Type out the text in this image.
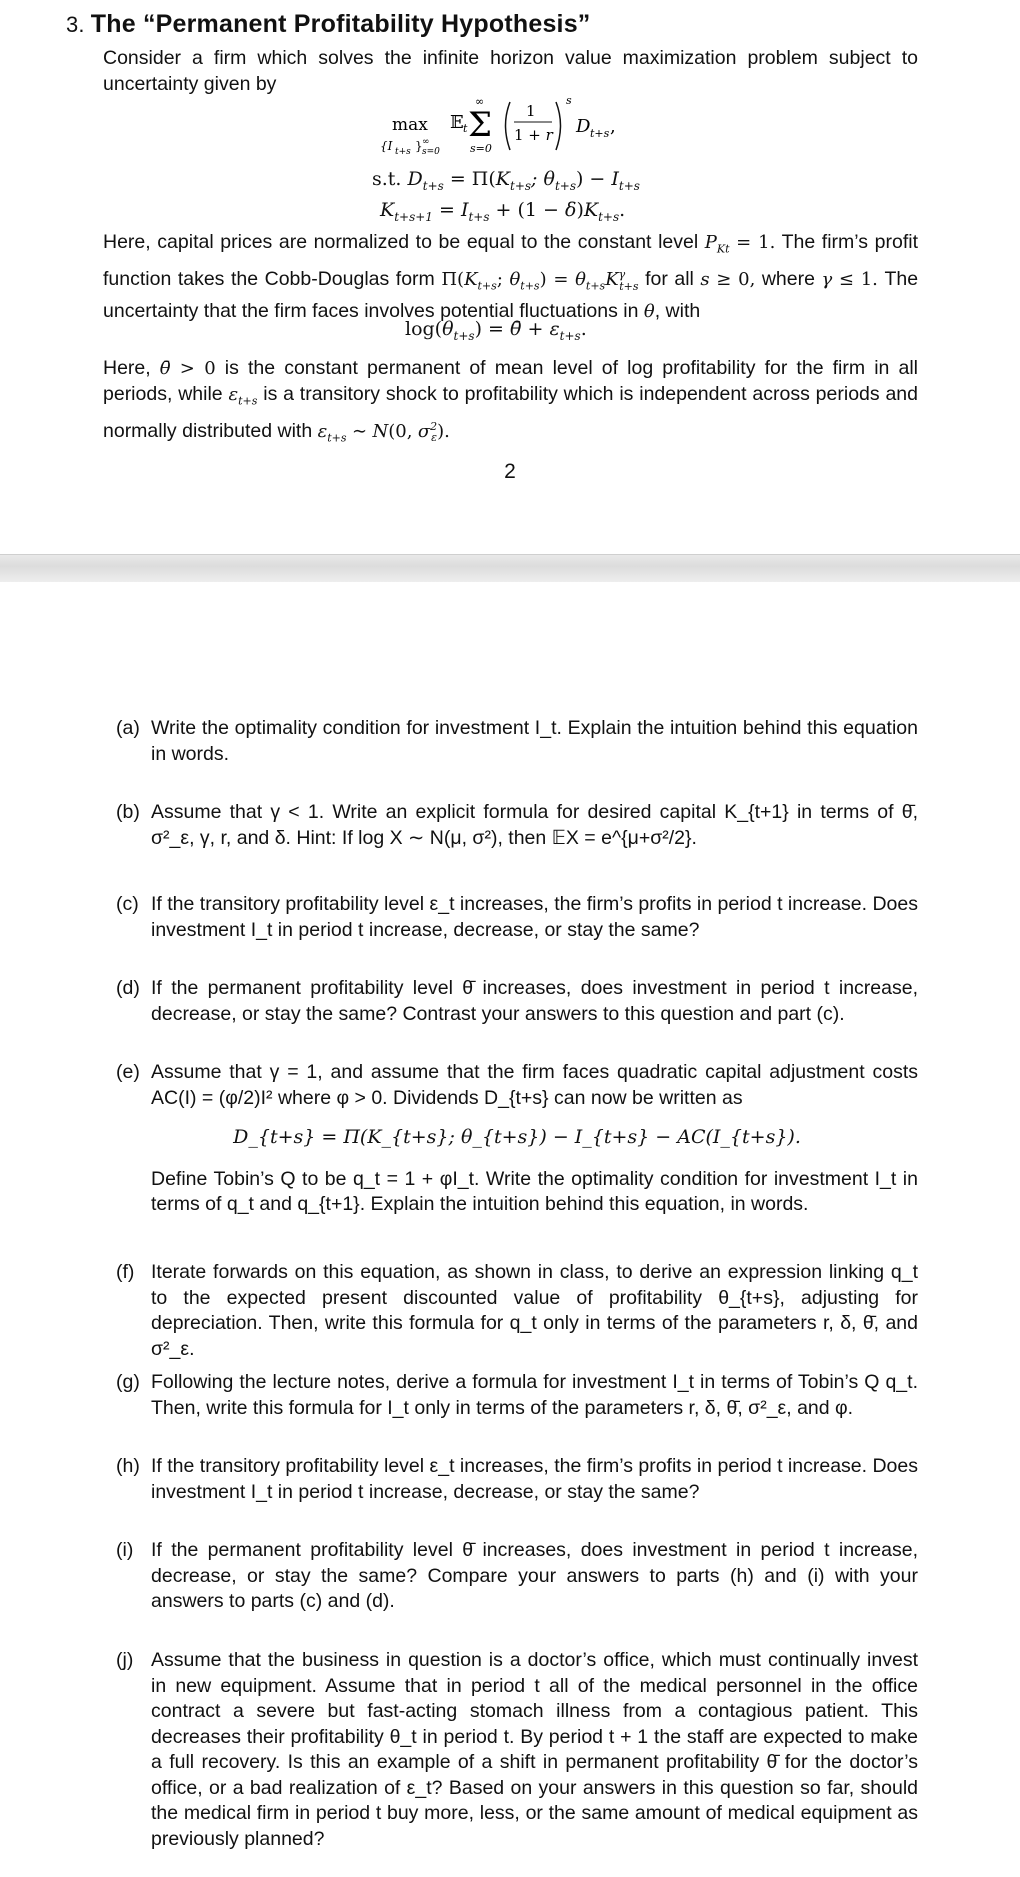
3. The “Permanent Profitability Hypothesis”
Consider a firm which solves the infinite horizon value maximization problem subject to uncertainty given by
max
{I t+s } ∞
s=0
𝔼 t Σ
∞
s=0
1
1 + r
s
D t+s ,
s.t. $D_{t+s} = \Pi(K_{t+s}$; $\theta_{t+s}) - I_{t+s}$
$K_{t+s+1} = I_{t+s} + (1 - \delta)K_{t+s}$.
Here, capital prices are normalized to be equal to the constant level $P_{Kt} = 1$. The firm’s profit function takes the Cobb-Douglas form $\Pi(K_{t+s}$; $\theta_{t+s}) = \theta_{t+s}K^\gamma_{t+s}$ for all s ≥ 0, where γ ≤ 1. The uncertainty that the firm faces involves potential fluctuations in θ, with
$\log(\theta_{t+s})$ = θ̄ + $\varepsilon_{t+s}$.
Here, θ̄ > 0 is the constant permanent of mean level of log profitability for the firm in all periods, while $\varepsilon_{t+s}$ is a transitory shock to profitability which is independent across periods and normally distributed with $\varepsilon_{t+s}$ ∼ N(0, $\sigma^2_\varepsilon$).
2
(a) Write the optimality condition for investment I_t. Explain the intuition behind this equation in words.
(b) Assume that γ < 1. Write an explicit formula for desired capital K_{t+1} in terms of θ̄, σ²_ε, γ, r, and δ. Hint: If log X ∼ N(μ, σ²), then 𝔼X = e^{μ+σ²/2}.
(c) If the transitory profitability level ε_t increases, the firm’s profits in period t increase. Does investment I_t in period t increase, decrease, or stay the same?
(d) If the permanent profitability level θ̄ increases, does investment in period t increase, decrease, or stay the same? Contrast your answers to this question and part (c).
(e) Assume that γ = 1, and assume that the firm faces quadratic capital adjustment costs AC(I) = (φ/2)I² where φ > 0. Dividends D_{t+s} can now be written as
D_{t+s} = Π(K_{t+s}; θ_{t+s}) − I_{t+s} − AC(I_{t+s}).
Define Tobin’s Q to be q_t = 1 + φI_t. Write the optimality condition for investment I_t in terms of q_t and q_{t+1}. Explain the intuition behind this equation, in words.
(f) Iterate forwards on this equation, as shown in class, to derive an expression linking q_t to the expected present discounted value of profitability θ_{t+s}, adjusting for depreciation. Then, write this formula for q_t only in terms of the parameters r, δ, θ̄, and σ²_ε.
(g) Following the lecture notes, derive a formula for investment I_t in terms of Tobin’s Q q_t. Then, write this formula for I_t only in terms of the parameters r, δ, θ̄, σ²_ε, and φ.
(h) If the transitory profitability level ε_t increases, the firm’s profits in period t increase. Does investment I_t in period t increase, decrease, or stay the same?
(i) If the permanent profitability level θ̄ increases, does investment in period t increase, decrease, or stay the same? Compare your answers to parts (h) and (i) with your answers to parts (c) and (d).
(j) Assume that the business in question is a doctor’s office, which must continually invest in new equipment. Assume that in period t all of the medical personnel in the office contract a severe but fast-acting stomach illness from a contagious patient. This decreases their profitability θ_t in period t. By period t + 1 the staff are expected to make a full recovery. Is this an example of a shift in permanent profitability θ̄ for the doctor’s office, or a bad realization of ε_t? Based on your answers in this question so far, should the medical firm in period t buy more, less, or the same amount of medical equipment as previously planned?
